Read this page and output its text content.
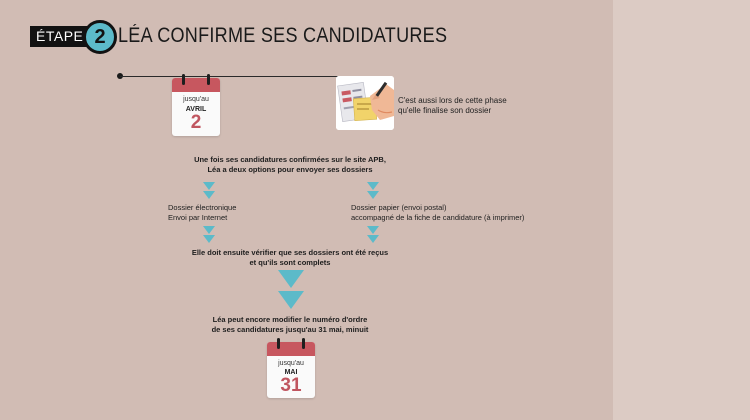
ÉTAPE 2 LÉA CONFIRME SES CANDIDATURES
jusqu'au
AVRIL
2
C'est aussi lors de cette phase
qu'elle finalise son dossier
Une fois ses candidatures confirmées sur le site APB,
Léa a deux options pour envoyer ses dossiers
Dossier électronique
Envoi par Internet
Dossier papier (envoi postal)
accompagné de la fiche de candidature (à imprimer)
Elle doit ensuite vérifier que ses dossiers ont été reçus
et qu'ils sont complets
Léa peut encore modifier le numéro d'ordre
de ses candidatures jusqu'au 31 mai, minuit
jusqu'au
MAI
31
